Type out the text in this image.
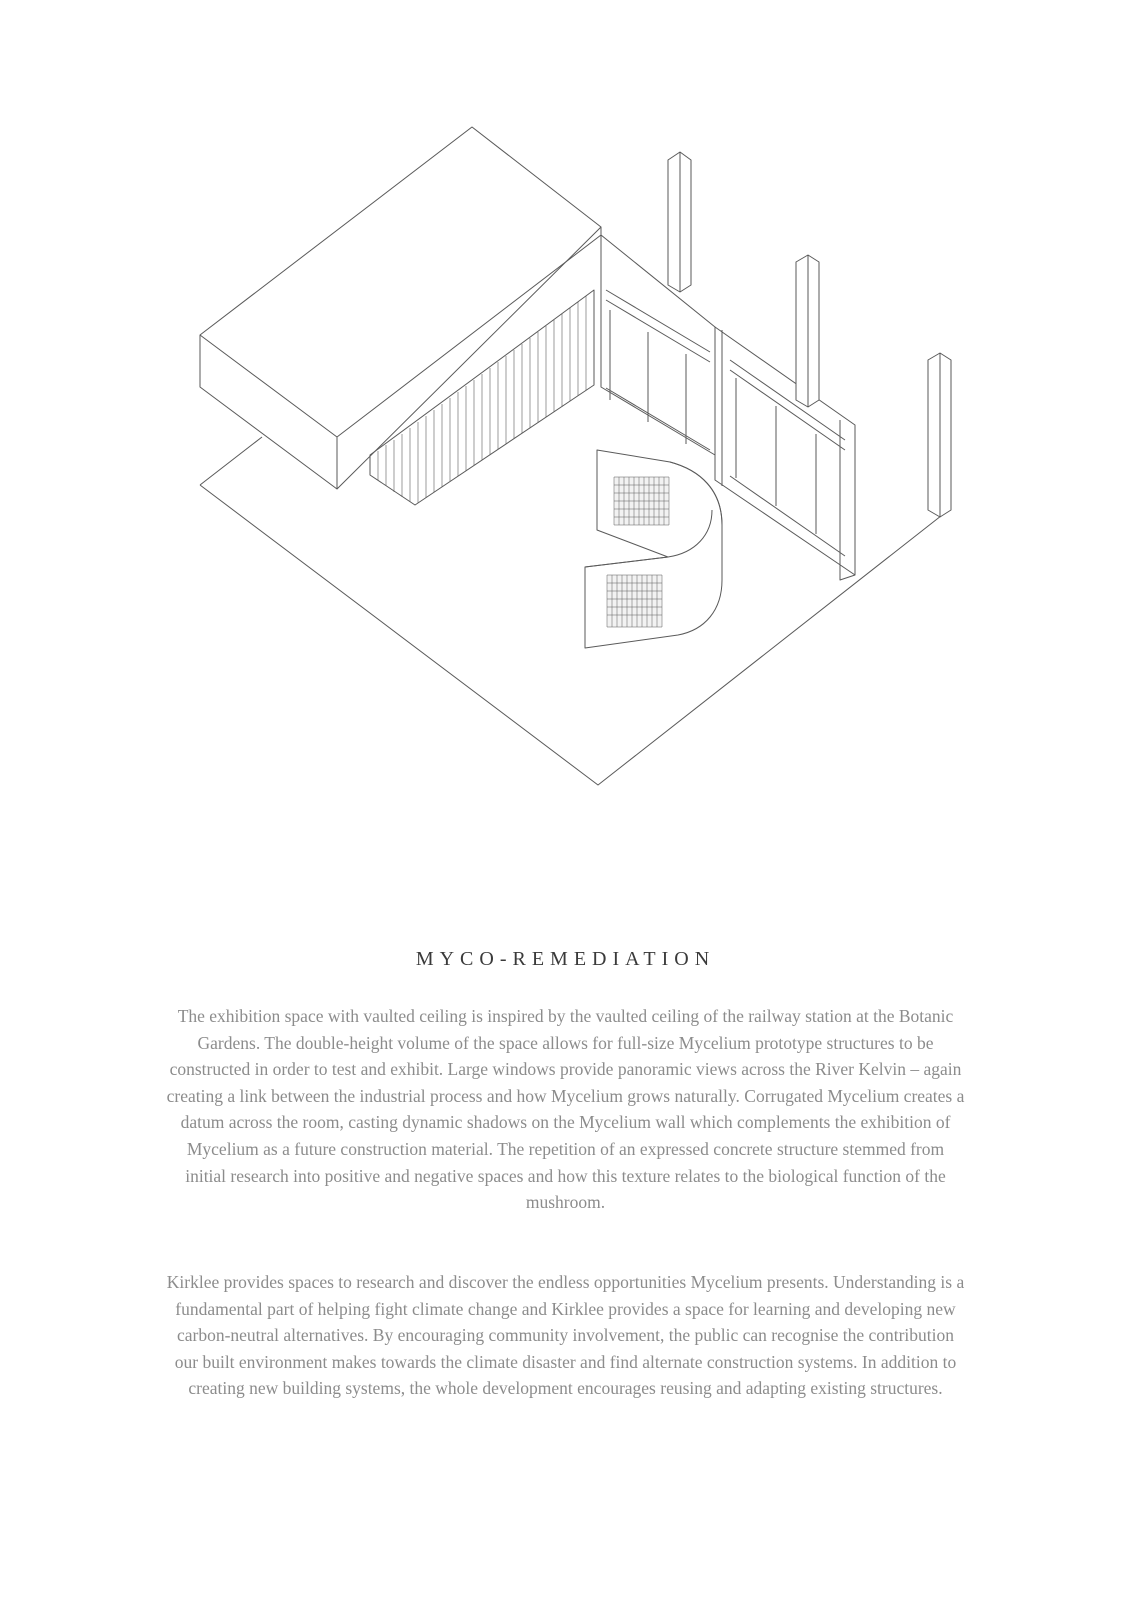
MYCO-REMEDIATION

The exhibition space with vaulted ceiling is inspired by the vaulted ceiling of the railway station at the Botanic Gardens. The double-height volume of the space allows for full-size Mycelium prototype structures to be constructed in order to test and exhibit. Large windows provide panoramic views across the River Kelvin – again creating a link between the industrial process and how Mycelium grows naturally. Corrugated Mycelium creates a datum across the room, casting dynamic shadows on the Mycelium wall which complements the exhibition of Mycelium as a future construction material. The repetition of an expressed concrete structure stemmed from initial research into positive and negative spaces and how this texture relates to the biological function of the mushroom.

Kirklee provides spaces to research and discover the endless opportunities Mycelium presents. Understanding is a fundamental part of helping fight climate change and Kirklee provides a space for learning and developing new carbon-neutral alternatives. By encouraging community involvement, the public can recognise the contribution our built environment makes towards the climate disaster and find alternate construction systems. In addition to creating new building systems, the whole development encourages reusing and adapting existing structures.
